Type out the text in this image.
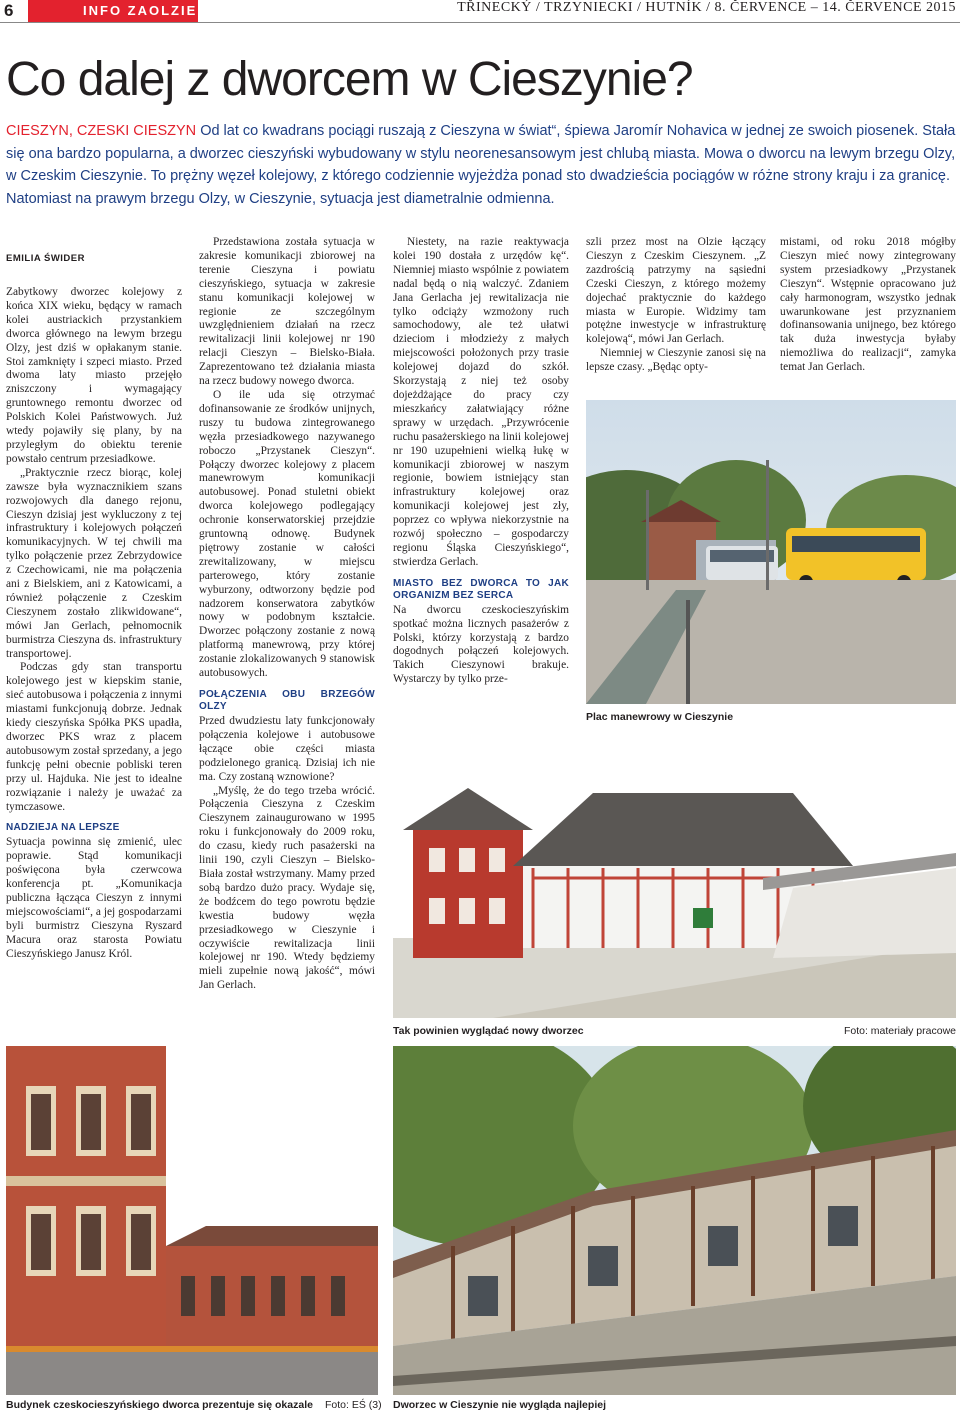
6	INFO ZAOLZIE	TŘINECKÝ / TRZYNIECKI / HUTNÍK / 8. ČERVENCE – 14. ČERVENCE 2015
Co dalej z dworcem w Cieszynie?
CIESZYN, CZESKI CIESZYN Od lat co kwadrans pociągi ruszają z Cieszyna w świat“, śpiewa Jaromír Nohavica w jednej ze swoich piosenek. Stała się ona bardzo popularna, a dworzec cieszyński wybudowany w stylu neorenesansowym jest chlubą miasta. Mowa o dworcu na lewym brzegu Olzy, w Czeskim Cieszynie. To prężny węzeł kolejowy, z którego codziennie wyjeżdża ponad sto dwadzieścia pociągów w różne strony kraju i za granicę. Natomiast na prawym brzegu Olzy, w Cieszynie, sytuacja jest diametralnie odmienna.
EMILIA ŚWIDER

Zabytkowy dworzec kolejowy z końca XIX wieku, będący w ramach kolei austriackich przystankiem dworca głównego na lewym brzegu Olzy, jest dziś w opłakanym stanie. Stoi zamknięty i szpeci miasto. Przed dwoma laty miasto przejęło zniszczony i wymagający gruntownego remontu dworzec od Polskich Kolei Państwowych. Już wtedy pojawiły się plany, by na przyległym do obiektu terenie powstało centrum przesiadkowe.

„Praktycznie rzecz biorąc, kolej zawsze była wyznacznikiem szans rozwojowych dla danego rejonu, Cieszyn dzisiaj jest wykluczony z tej infrastruktury i kolejowych połączeń komunikacyjnych. W tej chwili ma tylko połączenie przez Zebrzydowice z Czechowicami, nie ma połączenia ani z Bielskiem, ani z Katowicami, a również połączenie z Czeskim Cieszynem zostało zlikwidowane“, mówi Jan Gerlach, pełnomocnik burmistrza Cieszyna ds. infrastruktury transportowej.

Podczas gdy stan transportu kolejowego jest w kiepskim stanie, sieć autobusowa i połączenia z innymi miastami funkcjonują dobrze. Jednak kiedy cieszyńska Spółka PKS upadła, dworzec PKS wraz z placem autobusowym został sprzedany, a jego funkcję pełni obecnie pobliski teren przy ul. Hajduka. Nie jest to idealne rozwiązanie i należy je uważać za tymczasowe.

NADZIEJA NA LEPSZE

Sytuacja powinna się zmienić, ulec poprawie. Stąd komunikacji poświęcona była czerwcowa konferencja pt. „Komunikacja publiczna łącząca Cieszyn z innymi miejscowościami“, a jej gospodarzami byli burmistrz Cieszyna Ryszard Macura oraz starosta Powiatu Cieszyńskiego Janusz Król.

Przedstawiona została sytuacja w zakresie komunikacji zbiorowej na terenie Cieszyna i powiatu cieszyńskiego, sytuacja w zakresie stanu komunikacji kolejowej w regionie ze szczególnym uwzględnieniem działań na rzecz rewitalizacji linii kolejowej nr 190 relacji Cieszyn – Bielsko-Biała. Zaprezentowano też działania miasta na rzecz budowy nowego dworca.

O ile uda się otrzymać dofinansowanie ze środków unijnych, ruszy tu budowa zintegrowanego węzła przesiadkowego nazywanego roboczo „Przystanek Cieszyn“. Połączy dworzec kolejowy z placem manewrowym komunikacji autobusowej. Ponad stuletni obiekt dworca kolejowego podlegający ochronie konserwatorskiej przejdzie gruntowną odnowę. Budynek piętrowy zostanie w całości zrewitalizowany, w miejscu parterowego, który zostanie wyburzony, odtworzony będzie pod nadzorem konserwatora zabytków nowy w podobnym kształcie. Dworzec połączony zostanie z nową platformą manewrową, przy której zostanie zlokalizowanych 9 stanowisk autobusowych.

POŁĄCZENIA OBU BRZEGÓW OLZY

Przed dwudziestu laty funkcjonowały połączenia kolejowe i autobusowe łączące obie części miasta podzielonego granicą. Dzisiaj ich nie ma. Czy zostaną wznowione?

„Myślę, że do tego trzeba wrócić. Połączenia Cieszyna z Czeskim Cieszynem zainaugurowano w 1995 roku i funkcjonowały do 2009 roku, do czasu, kiedy ruch pasażerski na linii 190, czyli Cieszyn – Bielsko-Biała został wstrzymany. Mamy przed sobą bardzo dużo pracy. Wydaje się, że bodźcem do tego powrotu będzie kwestia budowy węzła przesiadkowego w Cieszynie i oczywiście rewitalizacja linii kolejowej nr 190. Wtedy będziemy mieli zupełnie nową jakość“, mówi Jan Gerlach.

Niestety, na razie reaktywacja kolei 190 dostała z urzędów kę“. Niemniej miasto wspólnie z powiatem nadal będą o nią walczyć. Zdaniem Jana Gerlacha jej rewitalizacja nie tylko odciąży wzmożony ruch samochodowy, ale też ułatwi dzieciom i młodzieży z małych miejscowości położonych przy trasie kolejowej dojazd do szkół. Skorzystają z niej też osoby dojeżdżające do pracy czy mieszkańcy załatwiający różne sprawy w urzędach. „Przywrócenie ruchu pasażerskiego na linii kolejowej nr 190 uzupełnieni wielką łukę w komunikacji zbiorowej w naszym regionie, bowiem istniejący stan infrastruktury kolejowej oraz komunikacji kolejowej jest zły, poprzez co wpływa niekorzystnie na rozwój społeczno – gospodarczy regionu Śląska Cieszyńskiego“, stwierdza Gerlach.

MIASTO BEZ DWORCA TO JAK ORGANIZM BEZ SERCA

Na dworcu czeskocieszyńskim spotkać można licznych pasażerów z Polski, którzy korzystają z bardzo dogodnych połączeń kolejowych. Takich Cieszynowi brakuje. Wystarczy by tylko prze-

szli przez most na Olzie łączący Cieszyn z Czeskim Cieszynem. „Z zazdrością patrzymy na sąsiedni Czeski Cieszyn, z którego możemy dojechać praktycznie do każdego miasta w Europie. Widzimy tam potężne inwestycje w infrastrukturę kolejową“, mówi Jan Gerlach.

Niemniej w Cieszynie zanosi się na lepsze czasy. „Będąc opty-

mistami, od roku 2018 mógłby Cieszyn mieć nowy zintegrowany system przesiadkowy „Przystanek Cieszyn“. Wstępnie opracowano już cały harmonogram, wszystko jednak uwarunkowane jest przyznaniem dofinansowania unijnego, bez którego tak duża inwestycja byłaby niemożliwa do realizacji“, zamyka temat Jan Gerlach.

Plac manewrowy w Cieszynie
Tak powinien wyglądać nowy dworzec	Foto: materiały pracowe
Budynek czeskocieszyńskiego dworca prezentuje się okazale Foto: EŚ (3) Dworzec w Cieszynie nie wygląda najlepiej
